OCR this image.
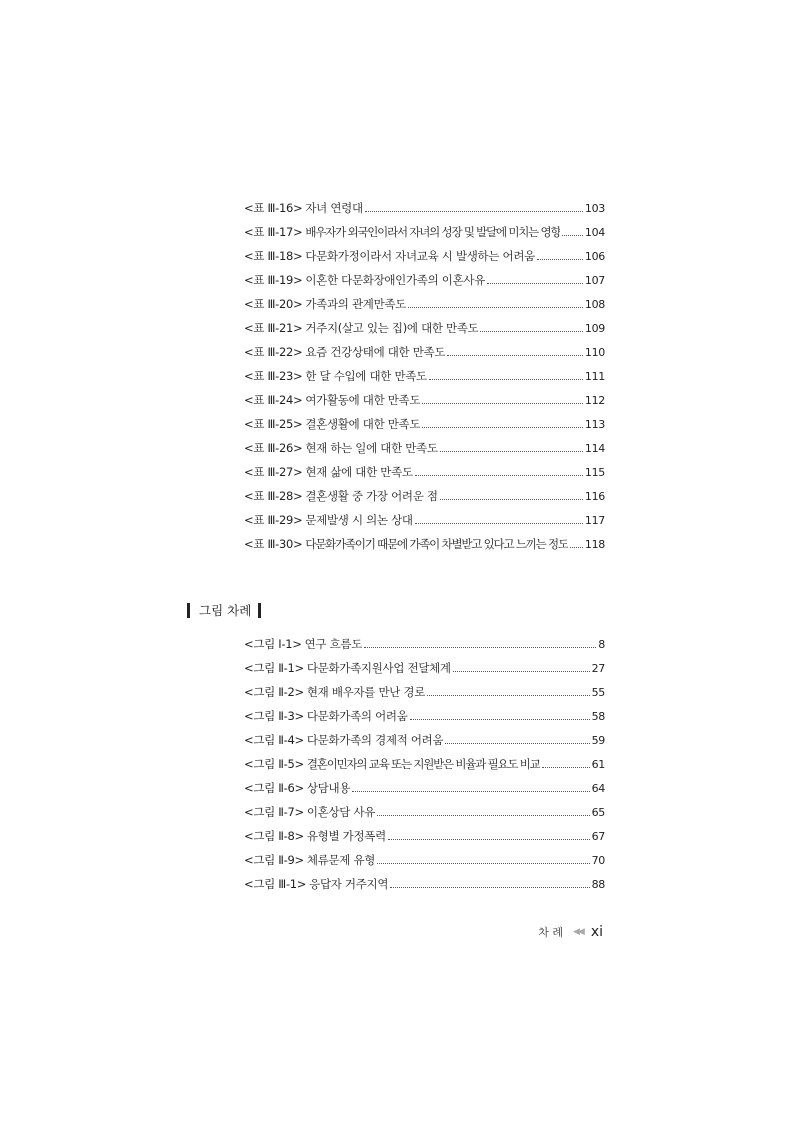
<표 Ⅲ-16> 자녀 연령대	103
<표 Ⅲ-17> 배우자가 외국인이라서 자녀의 성장 및 발달에 미치는 영향 104
<표 Ⅲ-18> 다문화가정이라서 자녀교육 시 발생하는 어려움	106
<표 Ⅲ-19> 이혼한 다문화장애인가족의 이혼사유	107
<표 Ⅲ-20> 가족과의 관계만족도	108
<표 Ⅲ-21> 거주지(살고 있는 집)에 대한 만족도	109
<표 Ⅲ-22> 요즘 건강상태에 대한 만족도	110
<표 Ⅲ-23> 한 달 수입에 대한 만족도	111
<표 Ⅲ-24> 여가활동에 대한 만족도	112
<표 Ⅲ-25> 결혼생활에 대한 만족도	113
<표 Ⅲ-26> 현재 하는 일에 대한 만족도	114
<표 Ⅲ-27> 현재 삶에 대한 만족도	115
<표 Ⅲ-28> 결혼생활 중 가장 어려운 점	116
<표 Ⅲ-29> 문제발생 시 의논 상대	117
<표 Ⅲ-30> 다문화가족이기 때문에 가족이 차별받고 있다고 느끼는 정도 118
그림 차례
<그림 Ⅰ-1> 연구 흐름도	8
<그림 Ⅱ-1> 다문화가족지원사업 전달체계	27
<그림 Ⅱ-2> 현재 배우자를 만난 경로	55
<그림 Ⅱ-3> 다문화가족의 어려움	58
<그림 Ⅱ-4> 다문화가족의 경제적 어려움	59
<그림 Ⅱ-5> 결혼이민자의 교육 또는 지원받은 비율과 필요도 비교	61
<그림 Ⅱ-6> 상담내용	64
<그림 Ⅱ-7> 이혼상담 사유	65
<그림 Ⅱ-8> 유형별 가정폭력	67
<그림 Ⅱ-9> 체류문제 유형	70
<그림 Ⅲ-1> 응답자 거주지역	88
차 례 ◀◀ xi
